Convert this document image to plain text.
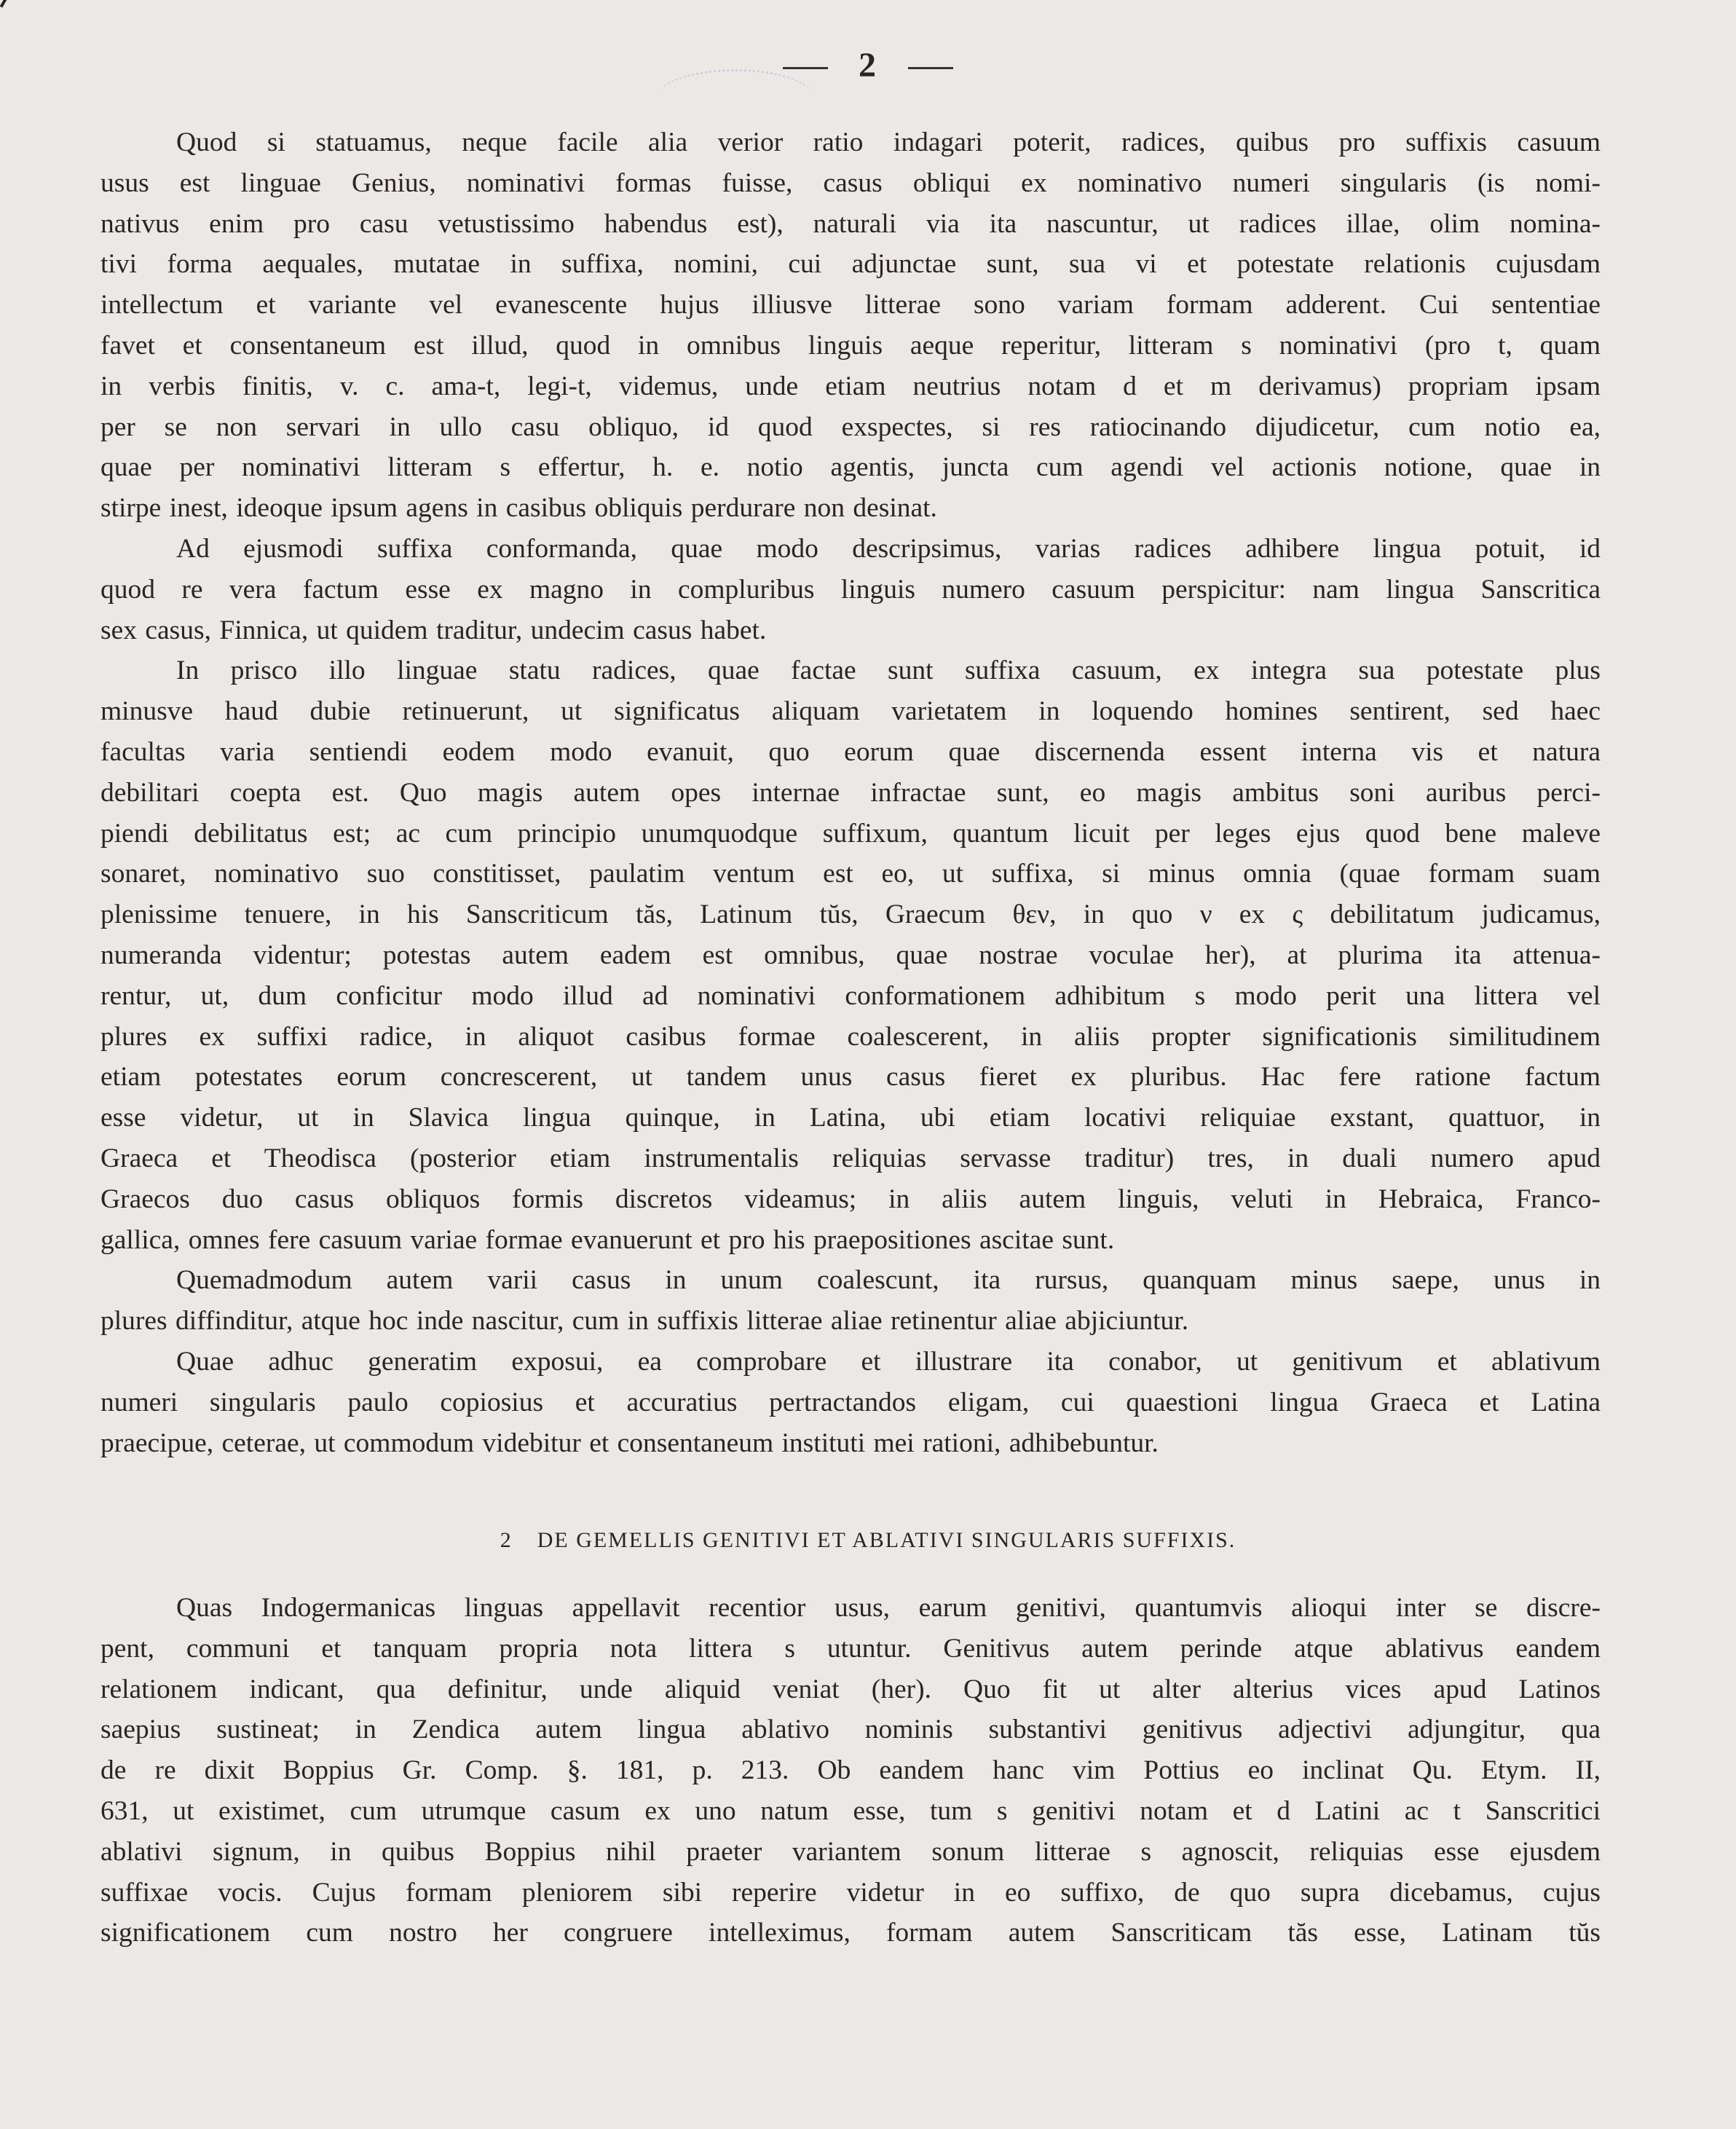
2
Quod si statuamus, neque facile alia verior ratio indagari poterit, radices, quibus pro suffixis casuum
usus est linguae Genius, nominativi formas fuisse, casus obliqui ex nominativo numeri singularis (is nomi-
nativus enim pro casu vetustissimo habendus est), naturali via ita nascuntur, ut radices illae, olim nomina-
tivi forma aequales, mutatae in suffixa, nomini, cui adjunctae sunt, sua vi et potestate relationis cujusdam
intellectum et variante vel evanescente hujus illiusve litterae sono variam formam adderent. Cui sententiae
favet et consentaneum est illud, quod in omnibus linguis aeque reperitur, litteram s nominativi (pro t, quam
in verbis finitis, v. c. ama-t, legi-t, videmus, unde etiam neutrius notam d et m derivamus) propriam ipsam
per se non servari in ullo casu obliquo, id quod exspectes, si res ratiocinando dijudicetur, cum notio ea,
quae per nominativi litteram s effertur, h. e. notio agentis, juncta cum agendi vel actionis notione, quae in
stirpe inest, ideoque ipsum agens in casibus obliquis perdurare non desinat.
Ad ejusmodi suffixa conformanda, quae modo descripsimus, varias radices adhibere lingua potuit, id
quod re vera factum esse ex magno in compluribus linguis numero casuum perspicitur: nam lingua Sanscritica
sex casus, Finnica, ut quidem traditur, undecim casus habet.
In prisco illo linguae statu radices, quae factae sunt suffixa casuum, ex integra sua potestate plus
minusve haud dubie retinuerunt, ut significatus aliquam varietatem in loquendo homines sentirent, sed haec
facultas varia sentiendi eodem modo evanuit, quo eorum quae discernenda essent interna vis et natura
debilitari coepta est. Quo magis autem opes internae infractae sunt, eo magis ambitus soni auribus perci-
piendi debilitatus est; ac cum principio unumquodque suffixum, quantum licuit per leges ejus quod bene maleve
sonaret, nominativo suo constitisset, paulatim ventum est eo, ut suffixa, si minus omnia (quae formam suam
plenissime tenuere, in his Sanscriticum tăs, Latinum tŭs, Graecum θεν, in quo ν ex ς debilitatum judicamus,
numeranda videntur; potestas autem eadem est omnibus, quae nostrae voculae her), at plurima ita attenua-
rentur, ut, dum conficitur modo illud ad nominativi conformationem adhibitum s modo perit una littera vel
plures ex suffixi radice, in aliquot casibus formae coalescerent, in aliis propter significationis similitudinem
etiam potestates eorum concrescerent, ut tandem unus casus fieret ex pluribus. Hac fere ratione factum
esse videtur, ut in Slavica lingua quinque, in Latina, ubi etiam locativi reliquiae exstant, quattuor, in
Graeca et Theodisca (posterior etiam instrumentalis reliquias servasse traditur) tres, in duali numero apud
Graecos duo casus obliquos formis discretos videamus; in aliis autem linguis, veluti in Hebraica, Franco-
gallica, omnes fere casuum variae formae evanuerunt et pro his praepositiones ascitae sunt.
Quemadmodum autem varii casus in unum coalescunt, ita rursus, quanquam minus saepe, unus in
plures diffinditur, atque hoc inde nascitur, cum in suffixis litterae aliae retinentur aliae abjiciuntur.
Quae adhuc generatim exposui, ea comprobare et illustrare ita conabor, ut genitivum et ablativum
numeri singularis paulo copiosius et accuratius pertractandos eligam, cui quaestioni lingua Graeca et Latina
praecipue, ceterae, ut commodum videbitur et consentaneum instituti mei rationi, adhibebuntur.
2 DE GEMELLIS GENITIVI ET ABLATIVI SINGULARIS SUFFIXIS.
Quas Indogermanicas linguas appellavit recentior usus, earum genitivi, quantumvis alioqui inter se discre-
pent, communi et tanquam propria nota littera s utuntur. Genitivus autem perinde atque ablativus eandem
relationem indicant, qua definitur, unde aliquid veniat (her). Quo fit ut alter alterius vices apud Latinos
saepius sustineat; in Zendica autem lingua ablativo nominis substantivi genitivus adjectivi adjungitur, qua
de re dixit Boppius Gr. Comp. §. 181, p. 213. Ob eandem hanc vim Pottius eo inclinat Qu. Etym. II,
631, ut existimet, cum utrumque casum ex uno natum esse, tum s genitivi notam et d Latini ac t Sanscritici
ablativi signum, in quibus Boppius nihil praeter variantem sonum litterae s agnoscit, reliquias esse ejusdem
suffixae vocis. Cujus formam pleniorem sibi reperire videtur in eo suffixo, de quo supra dicebamus, cujus
significationem cum nostro her congruere intelleximus, formam autem Sanscriticam tăs esse, Latinam tŭs
